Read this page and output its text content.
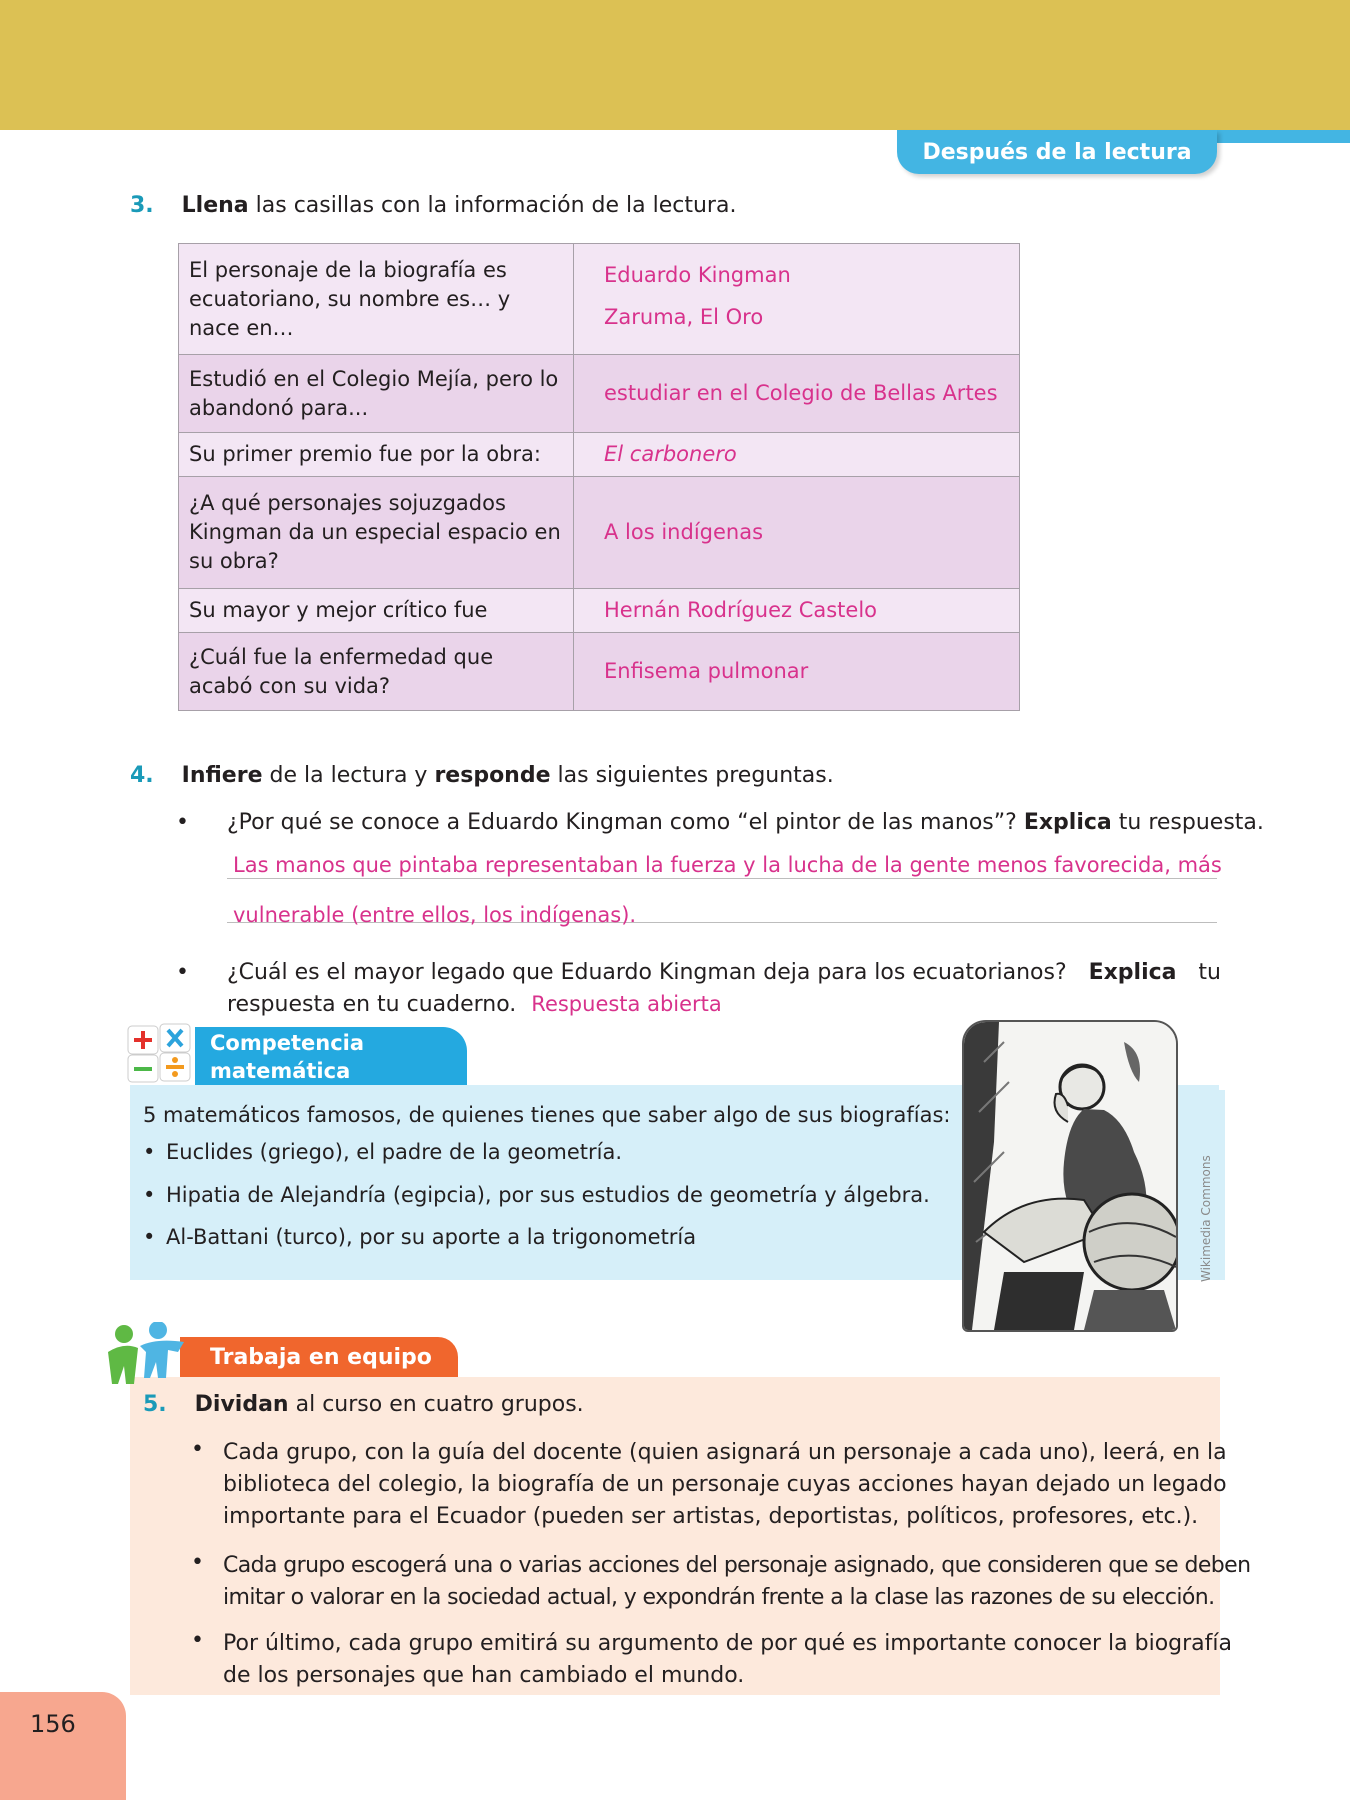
Después de la lectura
3. Llena las casillas con la información de la lectura.
El personaje de la biografía es ecuatoriano, su nombre es… y nace en…	Eduardo Kingman
Zaruma, El Oro

Estudió en el Colegio Mejía, pero lo abandonó para...	estudiar en el Colegio de Bellas Artes
Su primer premio fue por la obra:	El carbonero
¿A qué personajes sojuzgados Kingman da un especial espacio en su obra?	A los indígenas
Su mayor y mejor crítico fue	Hernán Rodríguez Castelo
¿Cuál fue la enfermedad que acabó con su vida?	Enfisema pulmonar
4. Infiere de la lectura y responde las siguientes preguntas.
• ¿Por qué se conoce a Eduardo Kingman como “el pintor de las manos”? Explica tu respuesta.
Las manos que pintaba representaban la fuerza y la lucha de la gente menos favorecida, más
vulnerable (entre ellos, los indígenas).
• ¿Cuál es el mayor legado que Eduardo Kingman deja para los ecuatorianos? Explica tu
respuesta en tu cuaderno. Respuesta abierta
Competencia
matemática
5 matemáticos famosos, de quienes tienes que saber algo de sus biografías:
• Euclides (griego), el padre de la geometría.
• Hipatia de Alejandría (egipcia), por sus estudios de geometría y álgebra.
• Al-Battani (turco), por su aporte a la trigonometría	Wikimedia Commons
Trabaja en equipo
5. Dividan al curso en cuatro grupos.
• Cada grupo, con la guía del docente (quien asignará un personaje a cada uno), leerá, en la
biblioteca del colegio, la biografía de un personaje cuyas acciones hayan dejado un legado
importante para el Ecuador (pueden ser artistas, deportistas, políticos, profesores, etc.).
• Cada grupo escogerá una o varias acciones del personaje asignado, que consideren que se deben
imitar o valorar en la sociedad actual, y expondrán frente a la clase las razones de su elección.
• Por último, cada grupo emitirá su argumento de por qué es importante conocer la biografía
de los personajes que han cambiado el mundo.
156
